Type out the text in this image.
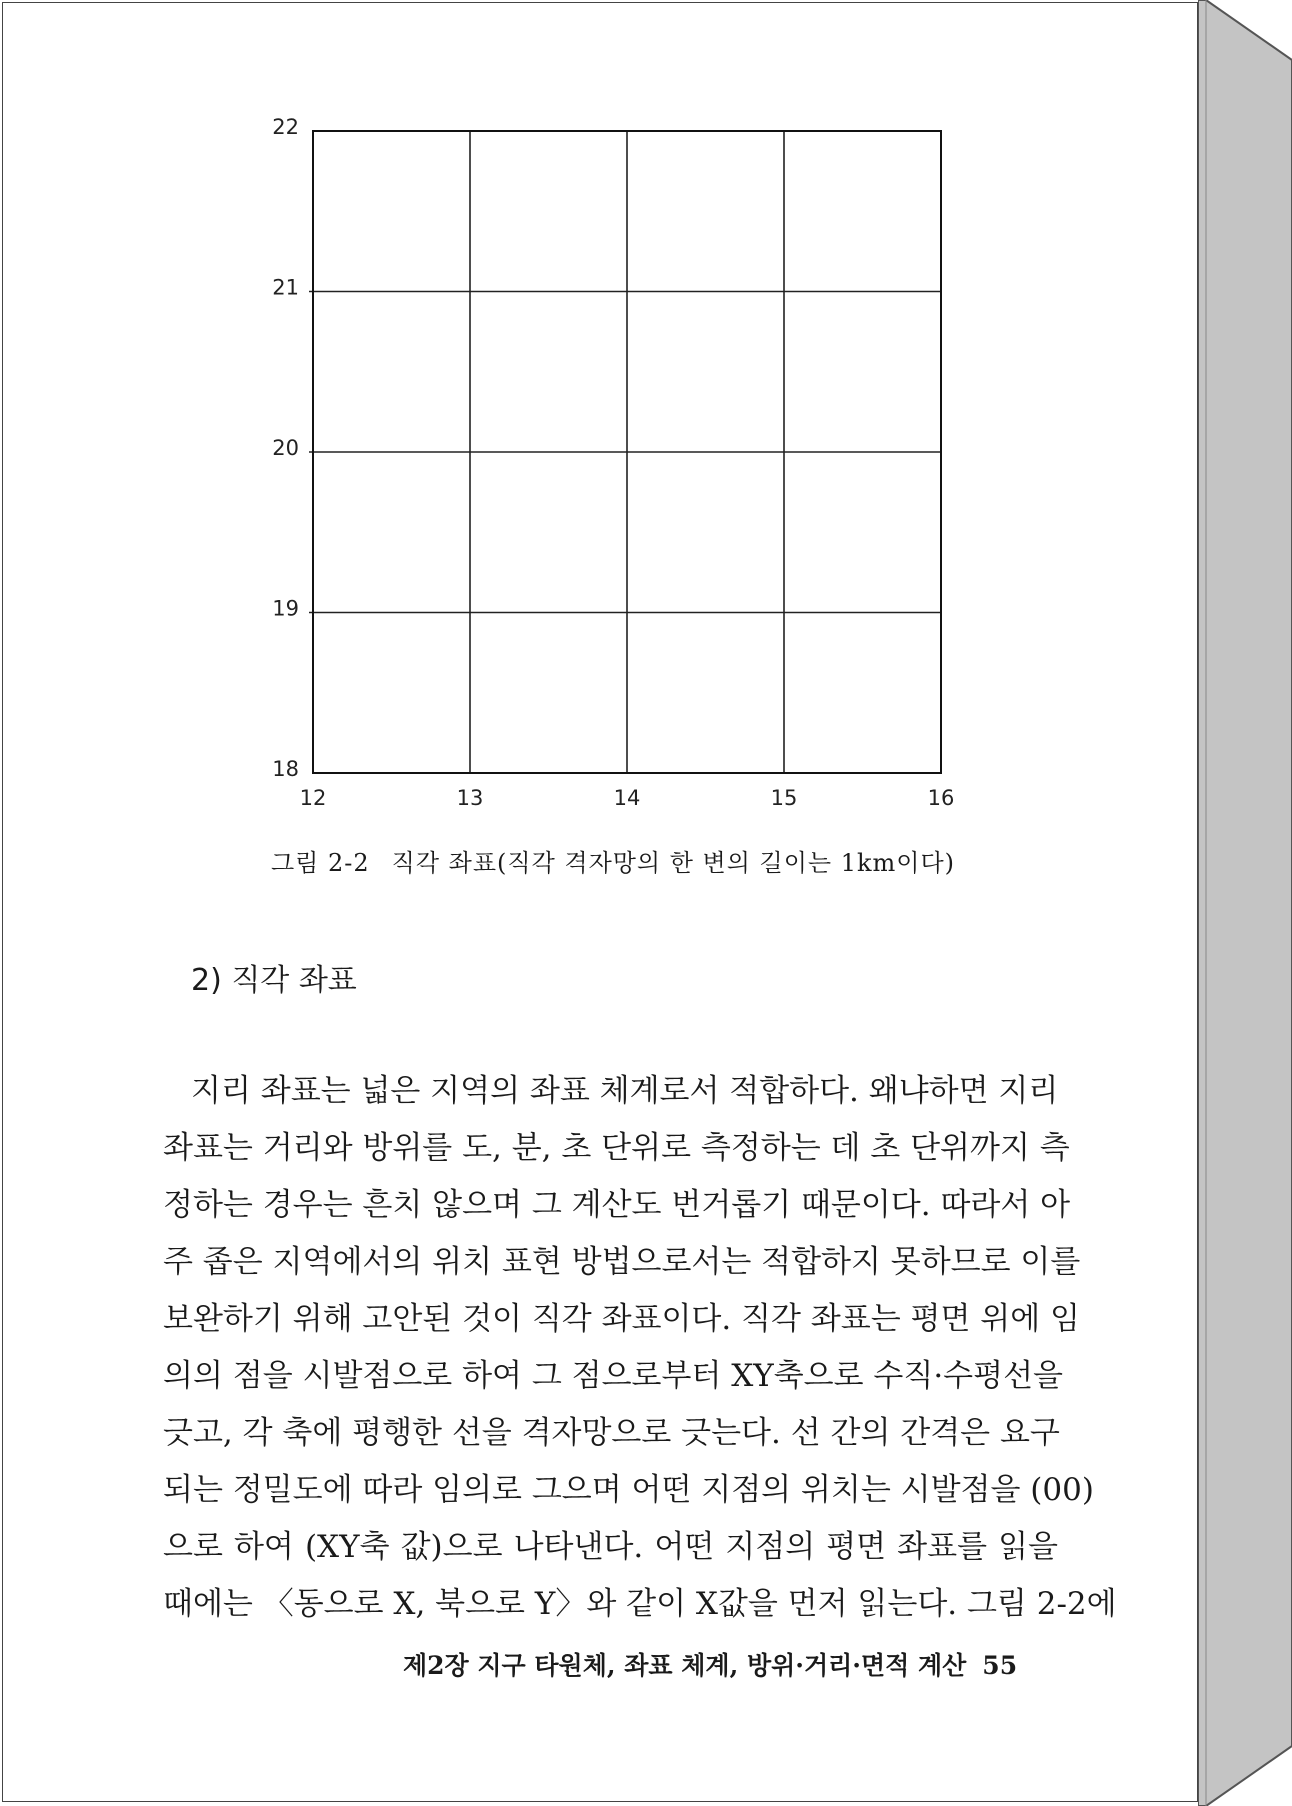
18
19
20
21
22
12	13	14	15	16
그림 2-2 직각 좌표(직각 격자망의 한 변의 길이는 1km이다)
2) 직각 좌표
지리 좌표는 넓은 지역의 좌표 체계로서 적합하다. 왜냐하면 지리
좌표는 거리와 방위를 도, 분, 초 단위로 측정하는 데 초 단위까지 측
정하는 경우는 흔치 않으며 그 계산도 번거롭기 때문이다. 따라서 아
주 좁은 지역에서의 위치 표현 방법으로서는 적합하지 못하므로 이를
보완하기 위해 고안된 것이 직각 좌표이다. 직각 좌표는 평면 위에 임
의의 점을 시발점으로 하여 그 점으로부터 XY축으로 수직·수평선을
긋고, 각 축에 평행한 선을 격자망으로 긋는다. 선 간의 간격은 요구
되는 정밀도에 따라 임의로 그으며 어떤 지점의 위치는 시발점을 (00)
으로 하여 (XY축 값)으로 나타낸다. 어떤 지점의 평면 좌표를 읽을
때에는 〈동으로 X, 북으로 Y〉와 같이 X값을 먼저 읽는다. 그림 2-2에
제2장 지구 타원체, 좌표 체계, 방위·거리·면적 계산 55
